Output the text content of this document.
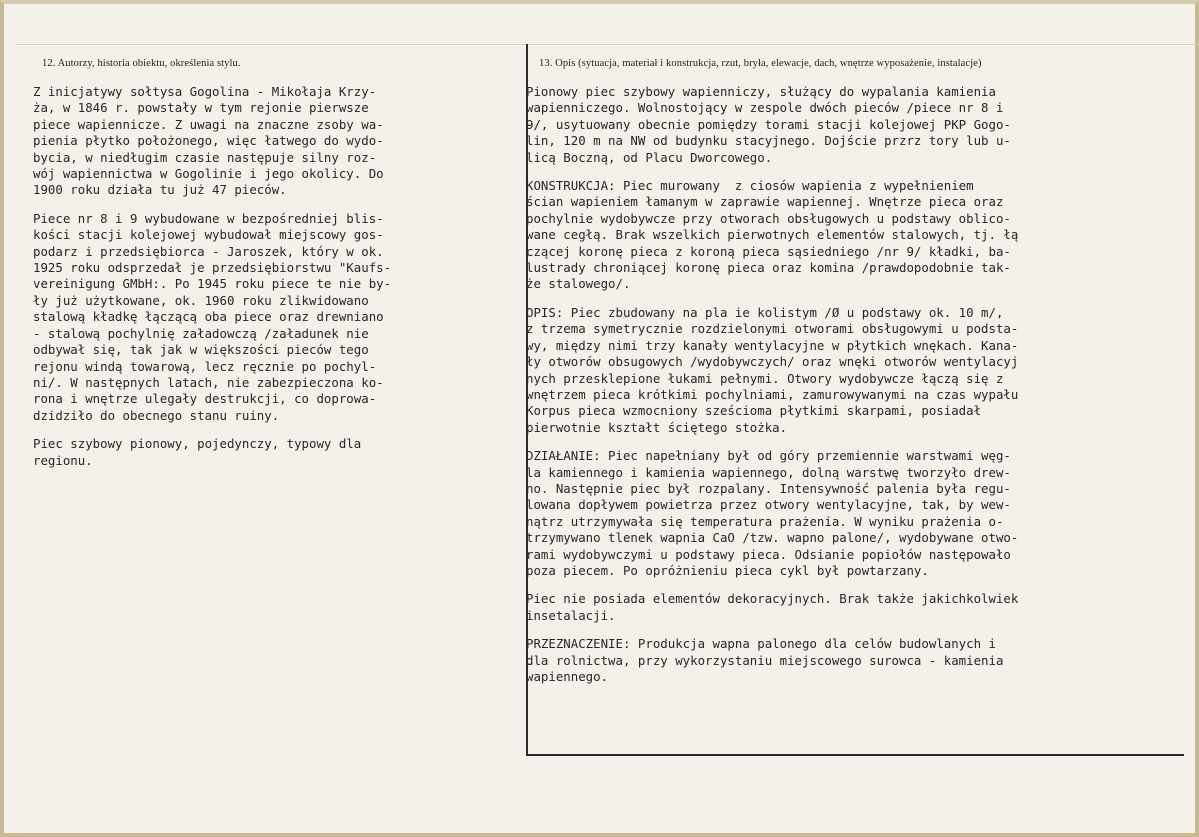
12. Autorzy, historia obiektu, określenia stylu.	13. Opis (sytuacja, materiał i konstrukcja, rzut, bryła, elewacje, dach, wnętrze wyposażenie, instalacje)
Z inicjatywy sołtysa Gogolina - Mikołaja Krzy-
ża, w 1846 r. powstały w tym rejonie pierwsze
piece wapiennicze. Z uwagi na znaczne zsoby wa-
pienia płytko położonego, więc łatwego do wydo-
bycia, w niedługim czasie następuje silny roz-
wój wapiennictwa w Gogolinie i jego okolicy. Do
1900 roku działa tu już 47 pieców.
Piece nr 8 i 9 wybudowane w bezpośredniej blis-
kości stacji kolejowej wybudował miejscowy gos-
podarz i przedsiębiorca - Jaroszek, który w ok.
1925 roku odsprzedał je przedsiębiorstwu "Kaufs-
vereinigung GMbH:. Po 1945 roku piece te nie by-
ły już użytkowane, ok. 1960 roku zlikwidowano
stalową kładkę łączącą oba piece oraz drewniano
- stalową pochylnię załadowczą /załadunek nie
odbywał się, tak jak w większości pieców tego
rejonu windą towarową, lecz ręcznie po pochyl-
ni/. W następnych latach, nie zabezpieczona ko-
rona i wnętrze ulegały destrukcji, co doprowa-
dzidziło do obecnego stanu ruiny.
Piec szybowy pionowy, pojedynczy, typowy dla
regionu.
Pionowy piec szybowy wapienniczy, służący do wypalania kamienia
wapienniczego. Wolnostojący w zespole dwóch pieców /piece nr 8 i
9/, usytuowany obecnie pomiędzy torami stacji kolejowej PKP Gogo-
lin, 120 m na NW od budynku stacyjnego. Dojście przrz tory lub u-
licą Boczną, od Placu Dworcowego.
KONSTRUKCJA: Piec murowany  z ciosów wapienia z wypełnieniem
ścian wapieniem łamanym w zaprawie wapiennej. Wnętrze pieca oraz
pochylnie wydobywcze przy otworach obsługowych u podstawy oblico-
wane cegłą. Brak wszelkich pierwotnych elementów stalowych, tj. łą
czącej koronę pieca z koroną pieca sąsiedniego /nr 9/ kładki, ba-
lustrady chroniącej koronę pieca oraz komina /prawdopodobnie tak-
że stalowego/.
OPIS: Piec zbudowany na pla ie kolistym /Ø u podstawy ok. 10 m/,
z trzema symetrycznie rozdzielonymi otworami obsługowymi u podsta-
wy, między nimi trzy kanały wentylacyjne w płytkich wnękach. Kana-
ły otworów obsugowych /wydobywczych/ oraz wnęki otworów wentylacyj
nych przesklepione łukami pełnymi. Otwory wydobywcze łączą się z
wnętrzem pieca krótkimi pochylniami, zamurowywanymi na czas wypału
Korpus pieca wzmocniony sześcioma płytkimi skarpami, posiadał
pierwotnie kształt ściętego stożka.
DZIAŁANIE: Piec napełniany był od góry przemiennie warstwami węg-
la kamiennego i kamienia wapiennego, dolną warstwę tworzyło drew-
no. Następnie piec był rozpalany. Intensywność palenia była regu-
lowana dopływem powietrza przez otwory wentylacyjne, tak, by wew-
nątrz utrzymywała się temperatura prażenia. W wyniku prażenia o-
trzymywano tlenek wapnia CaO /tzw. wapno palone/, wydobywane otwo-
rami wydobywczymi u podstawy pieca. Odsianie popiołów następowało
poza piecem. Po opróżnieniu pieca cykl był powtarzany.
Piec nie posiada elementów dekoracyjnych. Brak także jakichkolwiek
insetalacji.
PRZEZNACZENIE: Produkcja wapna palonego dla celów budowlanych i
dla rolnictwa, przy wykorzystaniu miejscowego surowca - kamienia
wapiennego.
